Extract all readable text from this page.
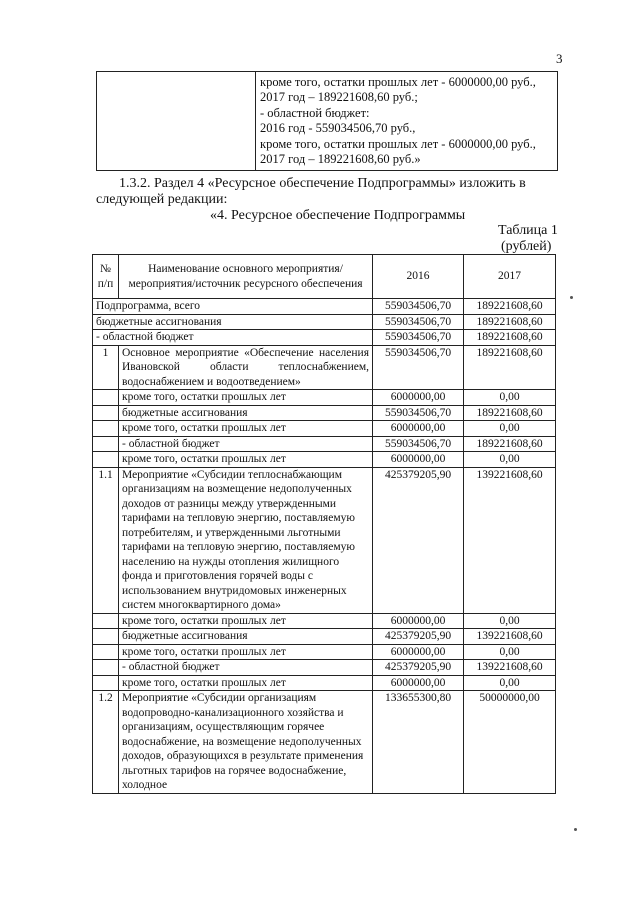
3

кроме того, остатки прошлых лет - 6000000,00 руб.,
2017 год – 189221608,60 руб.;
- областной бюджет:
2016 год - 559034506,70 руб.,
кроме того, остатки прошлых лет - 6000000,00 руб.,
2017 год – 189221608,60 руб.»
1.3.2. Раздел 4 «Ресурсное обеспечение Подпрограммы» изложить в
следующей редакции:
«4. Ресурсное обеспечение Подпрограммы
Таблица 1
(рублей)
№ п/п	Наименование основного мероприятия/мероприятия/источник ресурсного обеспечения	2016	2017
Подпрограмма, всего		559034506,70	189221608,60
бюджетные ассигнования		559034506,70	189221608,60
- областной бюджет		559034506,70	189221608,60
1	Основное мероприятие «Обеспечение населения Ивановской области теплоснабжением, водоснабжением и водоотведением»	559034506,70	189221608,60
	кроме того, остатки прошлых лет	6000000,00	0,00
	бюджетные ассигнования	559034506,70	189221608,60
	кроме того, остатки прошлых лет	6000000,00	0,00
	- областной бюджет	559034506,70	189221608,60
	кроме того, остатки прошлых лет	6000000,00	0,00
1.1	Мероприятие «Субсидии теплоснабжающим организациям на возмещение недополученных доходов от разницы между утвержденными тарифами на тепловую энергию, поставляемую потребителям, и утвержденными льготными тарифами на тепловую энергию, поставляемую населению на нужды отопления жилищного фонда и приготовления горячей воды с использованием внутридомовых инженерных систем многоквартирного дома»	425379205,90	139221608,60
	кроме того, остатки прошлых лет	6000000,00	0,00
	бюджетные ассигнования	425379205,90	139221608,60
	кроме того, остатки прошлых лет	6000000,00	0,00
	- областной бюджет	425379205,90	139221608,60
	кроме того, остатки прошлых лет	6000000,00	0,00
1.2	Мероприятие «Субсидии организациям водопроводно-канализационного хозяйства и организациям, осуществляющим горячее водоснабжение, на возмещение недополученных доходов, образующихся в результате применения льготных тарифов на горячее водоснабжение, холодное	133655300,80	50000000,00
